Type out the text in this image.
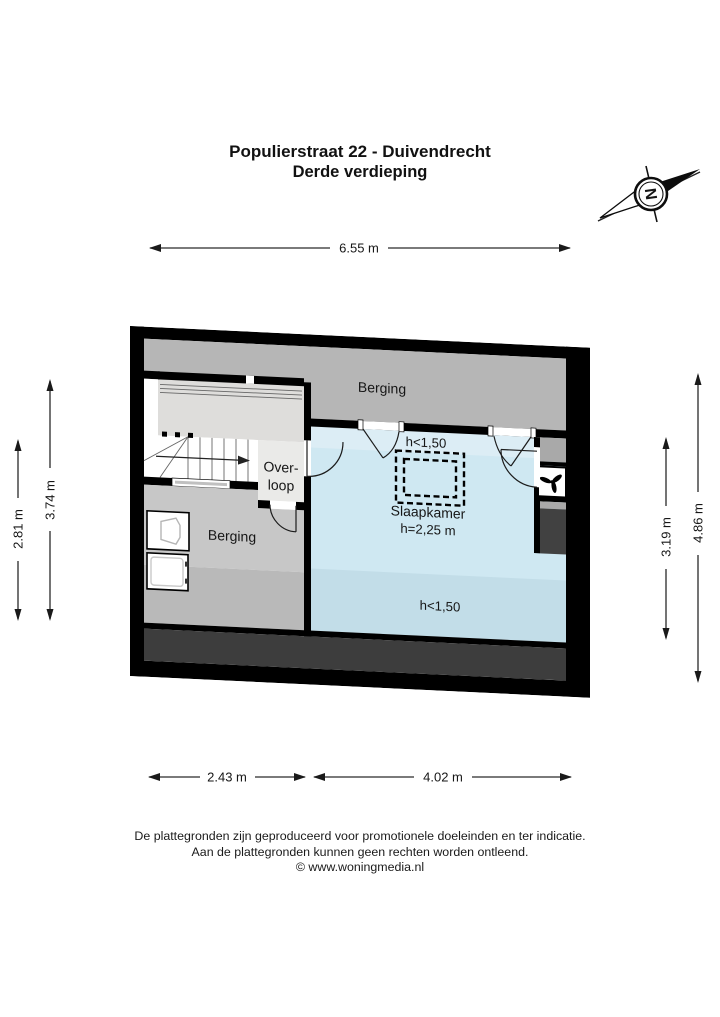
Populierstraat 22 - Duivendrecht
Derde verdieping
N
6.55 m
3.74 m
2.81 m	4.86 m
3.19 m
2.43 m	4.02 m
Berging
Over-
loop
Berging
h<1,50
Slaapkamer
h=2,25 m
h<1,50
De plattegronden zijn geproduceerd voor promotionele doeleinden en ter indicatie.
Aan de plattegronden kunnen geen rechten worden ontleend.
© www.woningmedia.nl
